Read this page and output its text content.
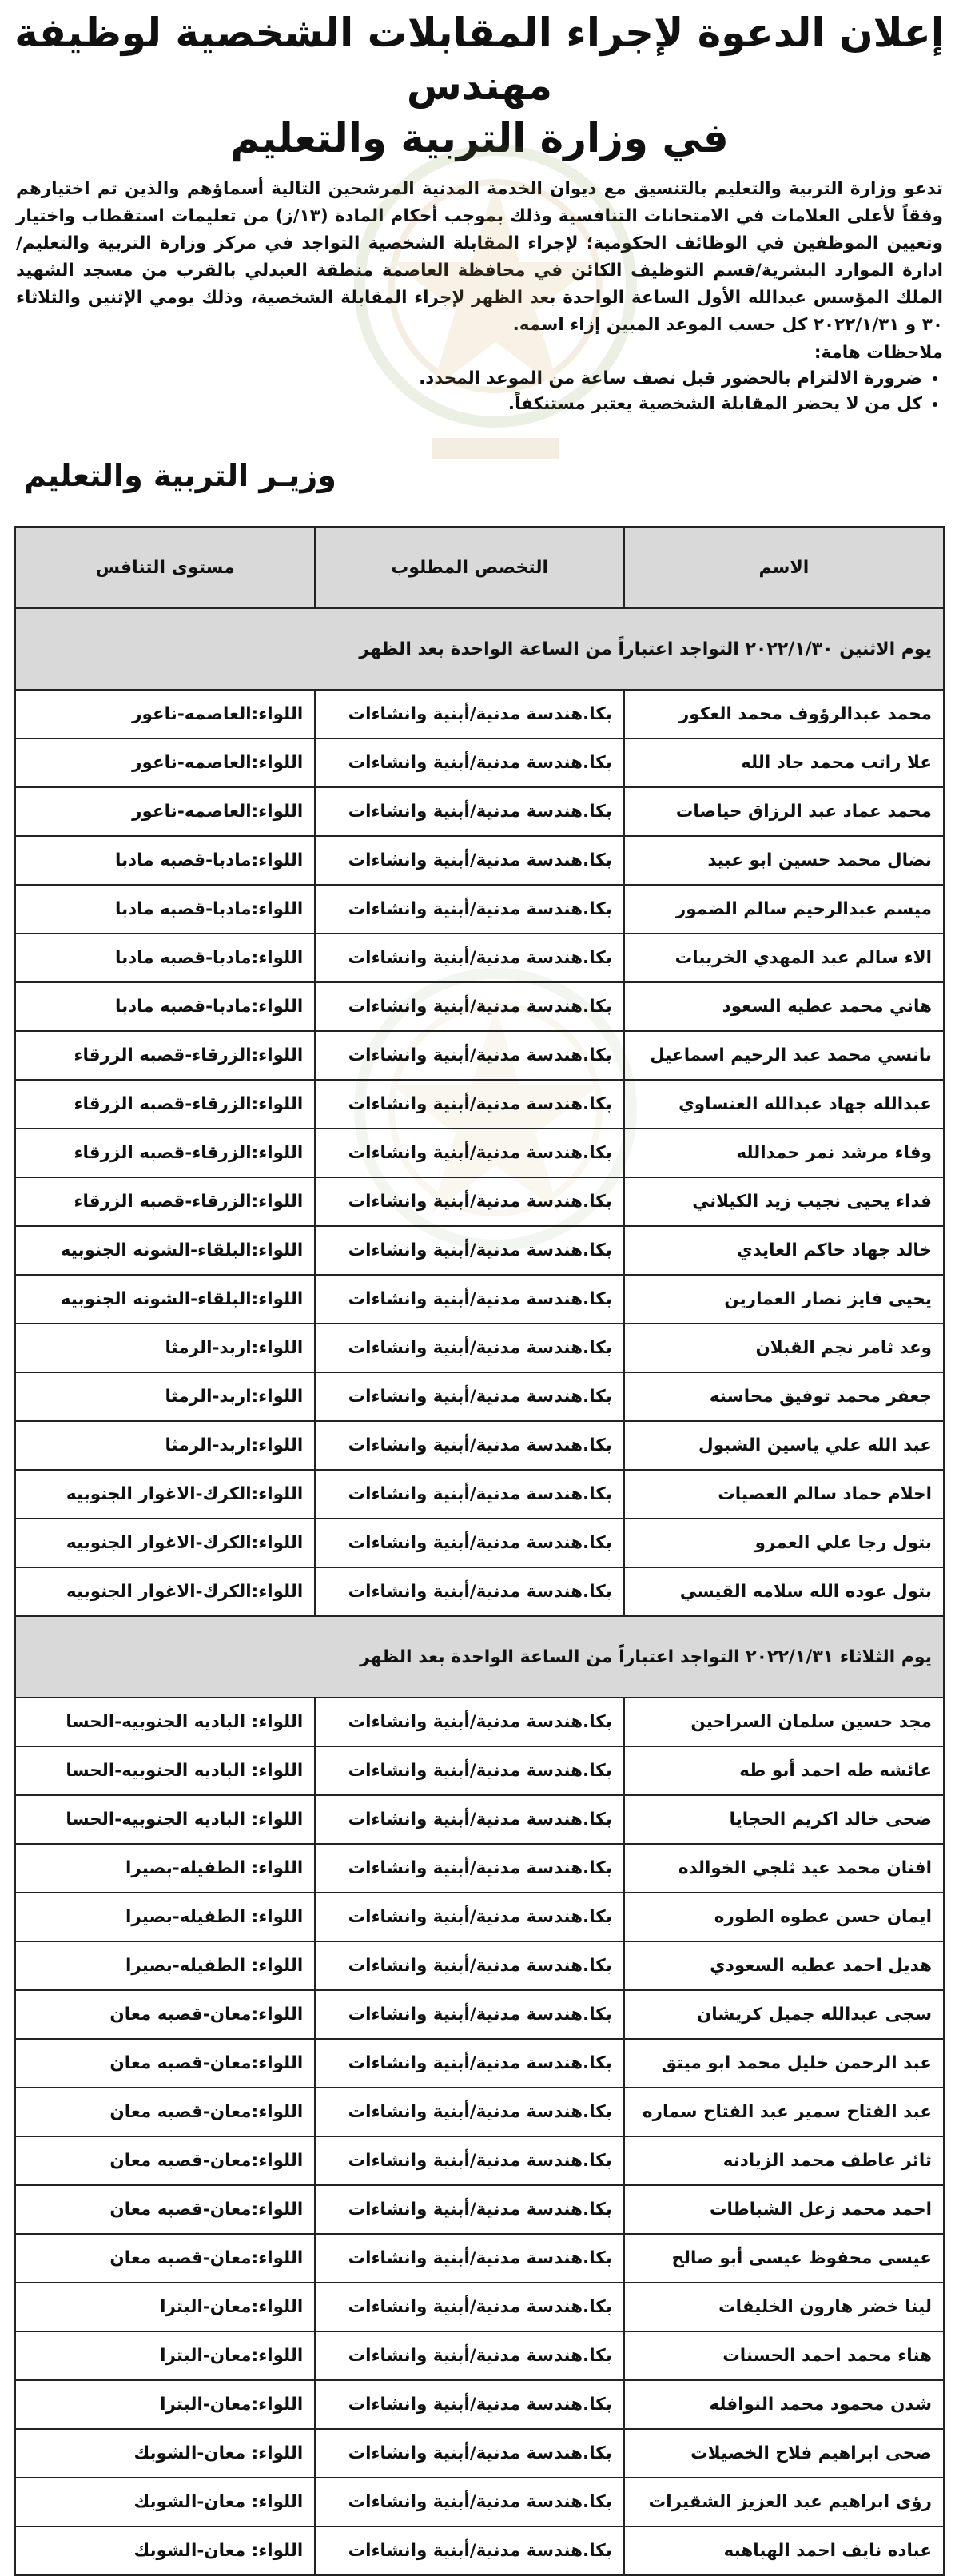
إعلان الدعوة لإجراء المقابلات الشخصية لوظيفة مهندس
في وزارة التربية والتعليم
تدعو وزارة التربية والتعليم بالتنسيق مع ديوان الخدمة المدنية المرشحين التالية أسماؤهم والذين تم اختيارهم وفقاً لأعلى العلامات في الامتحانات التنافسية وذلك بموجب أحكام المادة (١٣/ز) من تعليمات استقطاب واختيار وتعيين الموظفين في الوظائف الحكومية؛ لإجراء المقابلة الشخصية التواجد في مركز وزارة التربية والتعليم/ادارة الموارد البشرية/قسم التوظيف الكائن في محافظة العاصمة منطقة العبدلي بالقرب من مسجد الشهيد الملك المؤسس عبدالله الأول الساعة الواحدة بعد الظهر لإجراء المقابلة الشخصية، وذلك يومي الإثنين والثلاثاء ٣٠ و ٢٠٢٢/١/٣١ كل حسب الموعد المبين إزاء اسمه.
ملاحظات هامة:
• ضرورة الالتزام بالحضور قبل نصف ساعة من الموعد المحدد.
• كل من لا يحضر المقابلة الشخصية يعتبر مستنكفاً.
وزيـر التربية والتعليم
الاسم	التخصص المطلوب	مستوى التنافس
يوم الاثنين ٢٠٢٢/١/٣٠ التواجد اعتباراً من الساعة الواحدة بعد الظهر		
محمد عبدالرؤوف محمد العكور	بكا.هندسة مدنية/أبنية وانشاءات	اللواء:العاصمه-ناعور
علا راتب محمد جاد الله	بكا.هندسة مدنية/أبنية وانشاءات	اللواء:العاصمه-ناعور
محمد عماد عبد الرزاق حياصات	بكا.هندسة مدنية/أبنية وانشاءات	اللواء:العاصمه-ناعور
نضال محمد حسين ابو عبيد	بكا.هندسة مدنية/أبنية وانشاءات	اللواء:مادبا-قصبه مادبا
ميسم عبدالرحيم سالم الضمور	بكا.هندسة مدنية/أبنية وانشاءات	اللواء:مادبا-قصبه مادبا
الاء سالم عبد المهدي الخريبات	بكا.هندسة مدنية/أبنية وانشاءات	اللواء:مادبا-قصبه مادبا
هاني محمد عطيه السعود	بكا.هندسة مدنية/أبنية وانشاءات	اللواء:مادبا-قصبه مادبا
نانسي محمد عبد الرحيم اسماعيل	بكا.هندسة مدنية/أبنية وانشاءات	اللواء:الزرقاء-قصبه الزرقاء
عبدالله جهاد عبدالله العنساوي	بكا.هندسة مدنية/أبنية وانشاءات	اللواء:الزرقاء-قصبه الزرقاء
وفاء مرشد نمر حمدالله	بكا.هندسة مدنية/أبنية وانشاءات	اللواء:الزرقاء-قصبه الزرقاء
فداء يحيى نجيب زيد الكيلاني	بكا.هندسة مدنية/أبنية وانشاءات	اللواء:الزرقاء-قصبه الزرقاء
خالد جهاد حاكم العايدي	بكا.هندسة مدنية/أبنية وانشاءات	اللواء:البلقاء-الشونه الجنوبيه
يحيى فايز نصار العمارين	بكا.هندسة مدنية/أبنية وانشاءات	اللواء:البلقاء-الشونه الجنوبيه
وعد ثامر نجم القبلان	بكا.هندسة مدنية/أبنية وانشاءات	اللواء:اربد-الرمثا
جعفر محمد توفيق محاسنه	بكا.هندسة مدنية/أبنية وانشاءات	اللواء:اربد-الرمثا
عبد الله علي ياسين الشبول	بكا.هندسة مدنية/أبنية وانشاءات	اللواء:اربد-الرمثا
احلام حماد سالم العصيات	بكا.هندسة مدنية/أبنية وانشاءات	اللواء:الكرك-الاغوار الجنوبيه
بتول رجا علي العمرو	بكا.هندسة مدنية/أبنية وانشاءات	اللواء:الكرك-الاغوار الجنوبيه
بتول عوده الله سلامه القيسي	بكا.هندسة مدنية/أبنية وانشاءات	اللواء:الكرك-الاغوار الجنوبيه
يوم الثلاثاء ٢٠٢٢/١/٣١ التواجد اعتباراً من الساعة الواحدة بعد الظهر		
مجد حسين سلمان السراحين	بكا.هندسة مدنية/أبنية وانشاءات	اللواء: الباديه الجنوبيه-الحسا
عائشه طه احمد أبو طه	بكا.هندسة مدنية/أبنية وانشاءات	اللواء: الباديه الجنوبيه-الحسا
ضحى خالد اكريم الحجايا	بكا.هندسة مدنية/أبنية وانشاءات	اللواء: الباديه الجنوبيه-الحسا
افنان محمد عيد ثلجي الخوالده	بكا.هندسة مدنية/أبنية وانشاءات	اللواء: الطفيله-بصيرا
ايمان حسن عطوه الطوره	بكا.هندسة مدنية/أبنية وانشاءات	اللواء: الطفيله-بصيرا
هديل احمد عطيه السعودي	بكا.هندسة مدنية/أبنية وانشاءات	اللواء: الطفيله-بصيرا
سجى عبدالله جميل كريشان	بكا.هندسة مدنية/أبنية وانشاءات	اللواء:معان-قصبه معان
عبد الرحمن خليل محمد ابو ميتق	بكا.هندسة مدنية/أبنية وانشاءات	اللواء:معان-قصبه معان
عبد الفتاح سمير عبد الفتاح سماره	بكا.هندسة مدنية/أبنية وانشاءات	اللواء:معان-قصبه معان
ثائر عاطف محمد الزيادنه	بكا.هندسة مدنية/أبنية وانشاءات	اللواء:معان-قصبه معان
احمد محمد زعل الشباطات	بكا.هندسة مدنية/أبنية وانشاءات	اللواء:معان-قصبه معان
عيسى محفوظ عيسى أبو صالح	بكا.هندسة مدنية/أبنية وانشاءات	اللواء:معان-قصبه معان
لينا خضر هارون الخليفات	بكا.هندسة مدنية/أبنية وانشاءات	اللواء:معان-البترا
هناء محمد احمد الحسنات	بكا.هندسة مدنية/أبنية وانشاءات	اللواء:معان-البترا
شدن محمود محمد النوافله	بكا.هندسة مدنية/أبنية وانشاءات	اللواء:معان-البترا
ضحى ابراهيم فلاح الخصيلات	بكا.هندسة مدنية/أبنية وانشاءات	اللواء: معان-الشوبك
رؤى ابراهيم عبد العزيز الشقيرات	بكا.هندسة مدنية/أبنية وانشاءات	اللواء: معان-الشوبك
عباده نايف احمد الهباهبه	بكا.هندسة مدنية/أبنية وانشاءات	اللواء: معان-الشوبك
